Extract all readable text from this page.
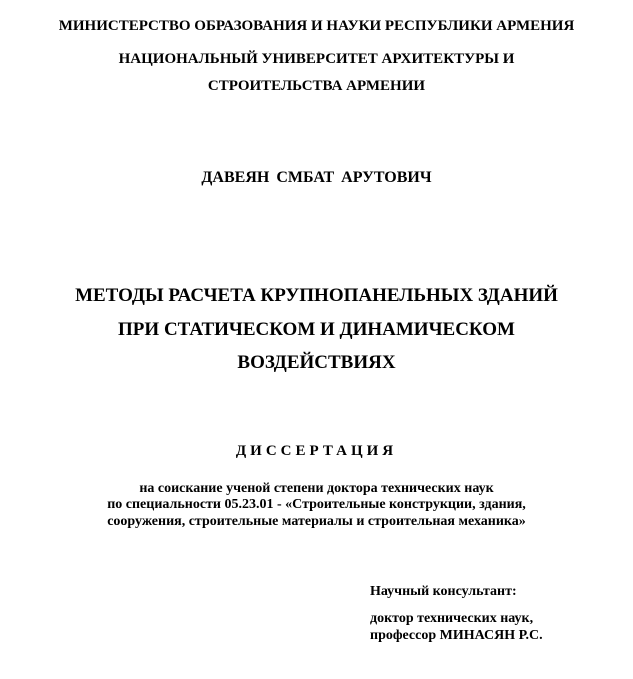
МИНИСТЕРСТВО ОБРАЗОВАНИЯ И НАУКИ РЕСПУБЛИКИ АРМЕНИЯ
НАЦИОНАЛЬНЫЙ УНИВЕРСИТЕТ АРХИТЕКТУРЫ И
СТРОИТЕЛЬСТВА АРМЕНИИ
ДАВЕЯН СМБАТ АРУТОВИЧ
МЕТОДЫ РАСЧЕТА КРУПНОПАНЕЛЬНЫХ ЗДАНИЙ
ПРИ СТАТИЧЕСКОМ И ДИНАМИЧЕСКОМ
ВОЗДЕЙСТВИЯХ
ДИССЕРТАЦИЯ
на соискание ученой степени доктора технических наук
по специальности 05.23.01 - «Строительные конструкции, здания,
сооружения, строительные материалы и строительная механика»
Научный консультант:
доктор технических наук,
профессор МИНАСЯН Р.С.
